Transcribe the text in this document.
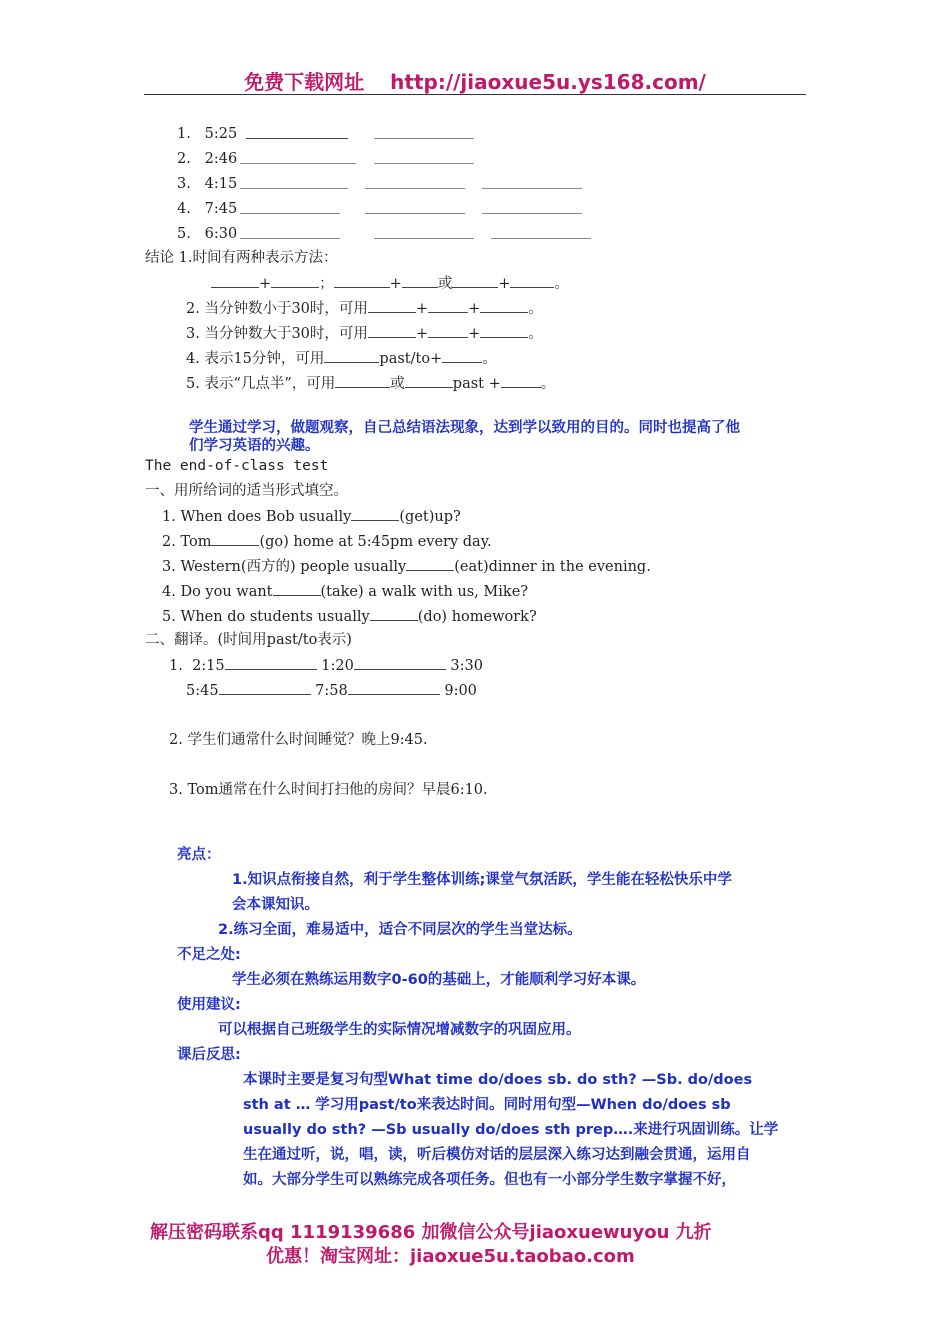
免费下载网址 http://jiaoxue5u.ys168.com/
1. 5:25
2. 2:46
3. 4:15
4. 7:45
5. 6:30
结论 1.时间有两种表示方法：
+	；	+ 或	+	。
2. 当分钟数小于30时，可用	+	+	。
3. 当分钟数大于30时，可用	+	+	。
4. 表示15分钟，可用	past/to+	。
5. 表示“几点半”，可用	或	past +	。
学生通过学习，做题观察，自己总结语法现象，达到学以致用的目的。同时也提高了他
们学习英语的兴趣。
The end-of-class test
一、用所给词的适当形式填空。
1. When does Bob usually	(get)up?
2. Tom	(go) home at 5:45pm every day.
3. Western(西方的) people usually	(eat)dinner in the evening.
4. Do you want	(take) a walk with us, Mike?
5. When do students usually	(do) homework?
二、翻译。(时间用past/to表示)
1. 2:15	1:20	3:30
5:45	7:58	9:00
2. 学生们通常什么时间睡觉？晚上9:45.
3. Tom通常在什么时间打扫他的房间？早晨6:10.
亮点：
1.知识点衔接自然，利于学生整体训练;课堂气氛活跃，学生能在轻松快乐中学
会本课知识。
2.练习全面，难易适中，适合不同层次的学生当堂达标。
不足之处:
学生必须在熟练运用数字0-60的基础上，才能顺利学习好本课。
使用建议:
可以根据自己班级学生的实际情况增减数字的巩固应用。
课后反思:
本课时主要是复习句型What time do/does sb. do sth? —Sb. do/does
sth at … 学习用past/to来表达时间。同时用句型—When do/does sb
usually do sth? —Sb usually do/does sth prep….来进行巩固训练。让学
生在通过听，说，唱，读，听后模仿对话的层层深入练习达到融会贯通，运用自
如。大部分学生可以熟练完成各项任务。但也有一小部分学生数字掌握不好，
解压密码联系qq 1119139686 加微信公众号jiaoxuewuyou 九折
优惠！淘宝网址：jiaoxue5u.taobao.com
